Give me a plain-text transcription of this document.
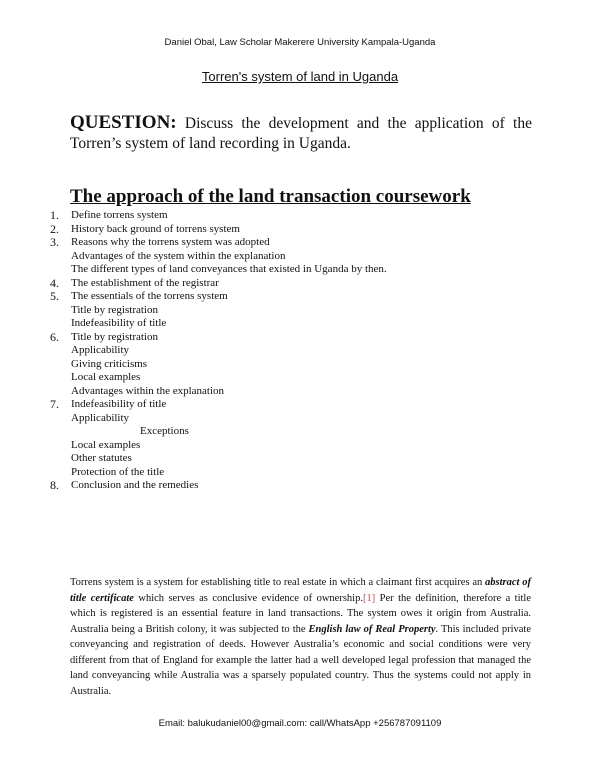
Daniel Obal, Law Scholar Makerere University Kampala-Uganda
Torren's system of land in Uganda
QUESTION: Discuss the development and the application of the Torren’s system of land recording in Uganda.
The approach of the land transaction coursework
1. Define torrens system
2. History back ground of torrens system
3. Reasons why the torrens system was adopted
Advantages of the system within the explanation
The different types of land conveyances that existed in Uganda by then.
4. The establishment of the registrar
5. The essentials of the torrens system
Title by registration
Indefeasibility of title
6. Title by registration
Applicability
Giving criticisms
Local examples
Advantages within the explanation
7. Indefeasibility of title
Applicability
Exceptions
Local examples
Other statutes
Protection of the title
8. Conclusion and the remedies
Torrens system is a system for establishing title to real estate in which a claimant first acquires an abstract of title certificate which serves as conclusive evidence of ownership.[1] Per the definition, therefore a title which is registered is an essential feature in land transactions. The system owes it origin from Australia. Australia being a British colony, it was subjected to the English law of Real Property. This included private conveyancing and registration of deeds. However Australia’s economic and social conditions were very different from that of England for example the latter had a well developed legal profession that managed the land conveyancing while Australia was a sparsely populated country. Thus the systems could not apply in Australia.
Email: balukudaniel00@gmail.com: call/WhatsApp +256787091109
